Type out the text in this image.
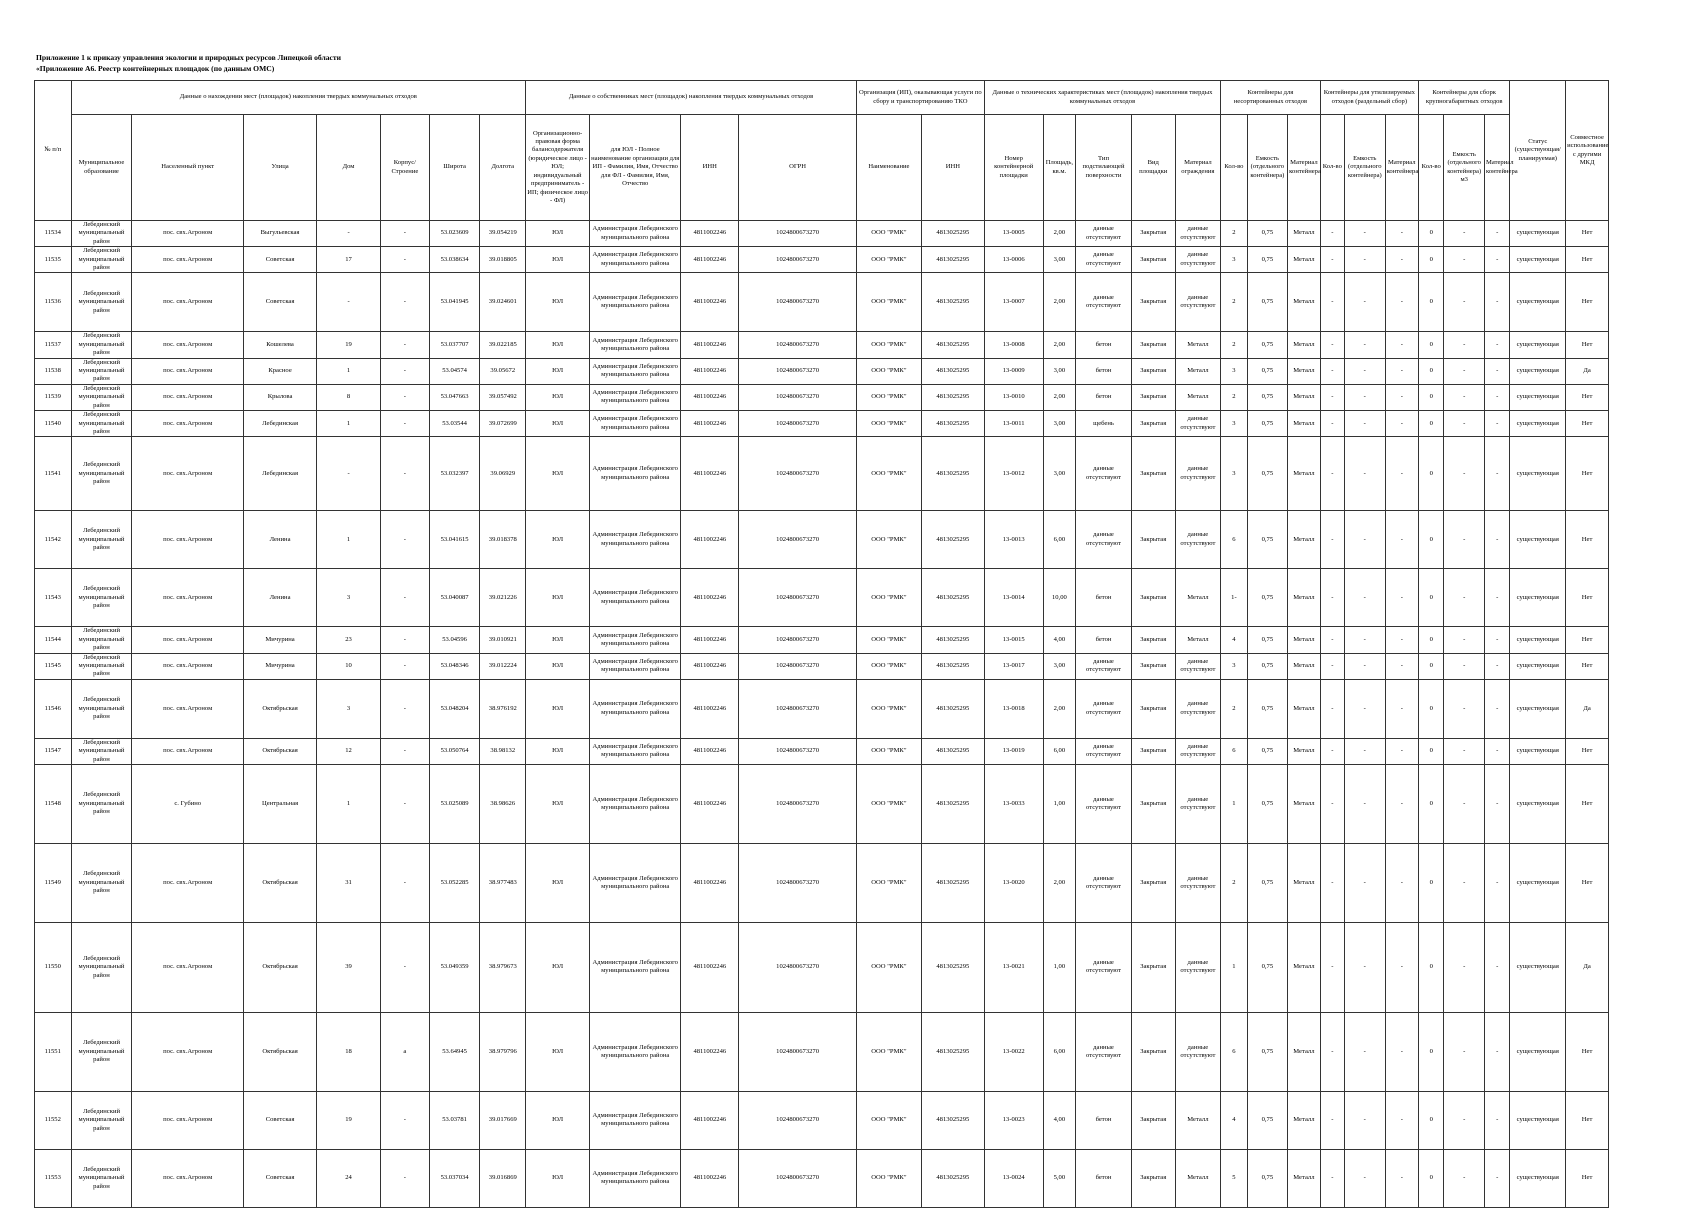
Приложение 1 к приказу управления экологии и природных ресурсов Липецкой области
«Приложение А6. Реестр контейнерных площадок (по данным ОМС)
№ п/п	Данные о нахождении мест (площадок) накопления твердых коммунальных отходов							Данные о собственниках мест (площадок) накопления твердых коммунальных отходов				Организация (ИП), оказывающая услуги по сбору и транспортированию ТКО		Данные о технических характеристиках мест (площадок) накопления твердых коммунальных отходов					Контейнеры для несортированных отходов			Контейнеры для утилизируемых отходов (раздельный сбор)			Контейнеры для сборк крупногабаритных отходов			Статус (существующая/ планируемая)	Совместное использование с другими МКД
	Муниципальное образование	Населенный пункт	Улица	Дом	Корпус/Строение	Широта	Долгота	Организационно-правовая форма балансодержателя (юридическое лицо - ЮЛ; индивидуальный предприниматель - ИП; физическое лицо - ФЛ)	для ЮЛ - Полное наименование организации для ИП - Фамилия, Имя, Отчество для ФЛ - Фамилия, Имя, Отчество	ИНН	ОГРН	Наименование	ИНН	Номер контейнерной площадки	Площадь, кв.м.	Тип подстилающей поверхности	Вид площадки	Материал ограждения	Кол-во	Емкость (отдельного контейнера)	Материал контейнера	Кол-во	Емкость (отдельного контейнера)	Материал контейнера	Кол-во	Емкость (отдельного контейнера) м3	Материал контейнера		

11534	Лебединский муниципальный район	пос. свх.Агроном	Выгульевская	-	-	53.023609	39.054219	ЮЛ	Администрация Лебединского муниципального района	4811002246	1024800673270	ООО "РМК"	4813025295	13-0005	2,00	данные отсутствуют	Закрытая	данные отсутствуют	2	0,75	Металл	-	-	-	0	-	-	существующая	Нет

11535	Лебединский муниципальный район	пос. свх.Агроном	Советская	17	-	53.038634	39.018805	ЮЛ	Администрация Лебединского муниципального района	4811002246	1024800673270	ООО "РМК"	4813025295	13-0006	3,00	данные отсутствуют	Закрытая	данные отсутствуют	3	0,75	Металл	-	-	-	0	-	-	существующая	Нет

11536	Лебединский муниципальный район	пос. свх.Агроном	Советская	-	-	53.041945	39.024601	ЮЛ	Администрация Лебединского муниципального района	4811002246	1024800673270	ООО "РМК"	4813025295	13-0007	2,00	данные отсутствуют	Закрытая	данные отсутствуют	2	0,75	Металл	-	-	-	0	-	-	существующая	Нет

11537	Лебединский муниципальный район	пос. свх.Агроном	Кошелева	19	-	53.037707	39.022185	ЮЛ	Администрация Лебединского муниципального района	4811002246	1024800673270	ООО "РМК"	4813025295	13-0008	2,00	бетон	Закрытая	Металл	2	0,75	Металл	-	-	-	0	-	-	существующая	Нет

11538	Лебединский муниципальный район	пос. свх.Агроном	Красное	1	-	53.04574	39.05672	ЮЛ	Администрация Лебединского муниципального района	4811002246	1024800673270	ООО "РМК"	4813025295	13-0009	3,00	бетон	Закрытая	Металл	3	0,75	Металл	-	-	-	0	-	-	существующая	Да

11539	Лебединский муниципальный район	пос. свх.Агроном	Крылова	8	-	53.047663	39.057492	ЮЛ	Администрация Лебединского муниципального района	4811002246	1024800673270	ООО "РМК"	4813025295	13-0010	2,00	бетон	Закрытая	Металл	2	0,75	Металл	-	-	-	0	-	-	существующая	Нет

11540	Лебединский муниципальный район	пос. свх.Агроном	Лебединская	1	-	53.03544	39.072699	ЮЛ	Администрация Лебединского муниципального района	4811002246	1024800673270	ООО "РМК"	4813025295	13-0011	3,00	щебень	Закрытая	данные отсутствуют	3	0,75	Металл	-	-	-	0	-	-	существующая	Нет

11541	Лебединский муниципальный район	пос. свх.Агроном	Лебединская	-	-	53.032397	39.06929	ЮЛ	Администрация Лебединского муниципального района	4811002246	1024800673270	ООО "РМК"	4813025295	13-0012	3,00	данные отсутствуют	Закрытая	данные отсутствуют	3	0,75	Металл	-	-	-	0	-	-	существующая	Нет

11542	Лебединский муниципальный район	пос. свх.Агроном	Ленина	1	-	53.041615	39.018378	ЮЛ	Администрация Лебединского муниципального района	4811002246	1024800673270	ООО "РМК"	4813025295	13-0013	6,00	данные отсутствуют	Закрытая	данные отсутствуют	6	0,75	Металл	-	-	-	0	-	-	существующая	Нет

11543	Лебединский муниципальный район	пос. свх.Агроном	Ленина	3	-	53.040087	39.021226	ЮЛ	Администрация Лебединского муниципального района	4811002246	1024800673270	ООО "РМК"	4813025295	13-0014	10,00	бетон	Закрытая	Металл	1-	0,75	Металл	-	-	-	0	-	-	существующая	Нет

11544	Лебединский муниципальный район	пос. свх.Агроном	Мичурина	23	-	53.04596	39.010921	ЮЛ	Администрация Лебединского муниципального района	4811002246	1024800673270	ООО "РМК"	4813025295	13-0015	4,00	бетон	Закрытая	Металл	4	0,75	Металл	-	-	-	0	-	-	существующая	Нет

11545	Лебединский муниципальный район	пос. свх.Агроном	Мичурина	10	-	53.048346	39.012224	ЮЛ	Администрация Лебединского муниципального района	4811002246	1024800673270	ООО "РМК"	4813025295	13-0017	3,00	данные отсутствуют	Закрытая	данные отсутствуют	3	0,75	Металл	-	-	-	0	-	-	существующая	Нет

11546	Лебединский муниципальный район	пос. свх.Агроном	Октябрьская	3	-	53.048204	38.976192	ЮЛ	Администрация Лебединского муниципального района	4811002246	1024800673270	ООО "РМК"	4813025295	13-0018	2,00	данные отсутствуют	Закрытая	данные отсутствуют	2	0,75	Металл	-	-	-	0	-	-	существующая	Да

11547	Лебединский муниципальный район	пос. свх.Агроном	Октябрьская	12	-	53.050764	38.98132	ЮЛ	Администрация Лебединского муниципального района	4811002246	1024800673270	ООО "РМК"	4813025295	13-0019	6,00	данные отсутствуют	Закрытая	данные отсутствуют	6	0,75	Металл	-	-	-	0	-	-	существующая	Нет

11548	Лебединский муниципальный район	с. Губино	Центральная	1	-	53.025089	38.98626	ЮЛ	Администрация Лебединского муниципального района	4811002246	1024800673270	ООО "РМК"	4813025295	13-0033	1,00	данные отсутствуют	Закрытая	данные отсутствуют	1	0,75	Металл	-	-	-	0	-	-	существующая	Нет

11549	Лебединский муниципальный район	пос. свх.Агроном	Октябрьская	31	-	53.052285	38.977483	ЮЛ	Администрация Лебединского муниципального района	4811002246	1024800673270	ООО "РМК"	4813025295	13-0020	2,00	данные отсутствуют	Закрытая	данные отсутствуют	2	0,75	Металл	-	-	-	0	-	-	существующая	Нет

11550	Лебединский муниципальный район	пос. свх.Агроном	Октябрьская	39	-	53.049359	38.979673	ЮЛ	Администрация Лебединского муниципального района	4811002246	1024800673270	ООО "РМК"	4813025295	13-0021	1,00	данные отсутствуют	Закрытая	данные отсутствуют	1	0,75	Металл	-	-	-	0	-	-	существующая	Да

11551	Лебединский муниципальный район	пос. свх.Агроном	Октябрьская	18	а	53.64945	38.979796	ЮЛ	Администрация Лебединского муниципального района	4811002246	1024800673270	ООО "РМК"	4813025295	13-0022	6,00	данные отсутствуют	Закрытая	данные отсутствуют	6	0,75	Металл	-	-	-	0	-	-	существующая	Нет

11552	Лебединский муниципальный район	пос. свх.Агроном	Советская	19	-	53.03781	39.017669	ЮЛ	Администрация Лебединского муниципального района	4811002246	1024800673270	ООО "РМК"	4813025295	13-0023	4,00	бетон	Закрытая	Металл	4	0,75	Металл	-	-	-	0	-	-	существующая	Нет

11553	Лебединский муниципальный район	пос. свх.Агроном	Советская	24	-	53.037034	39.016869	ЮЛ	Администрация Лебединского муниципального района	4811002246	1024800673270	ООО "РМК"	4813025295	13-0024	5,00	бетон	Закрытая	Металл	5	0,75	Металл	-	-	-	0	-	-	существующая	Нет
